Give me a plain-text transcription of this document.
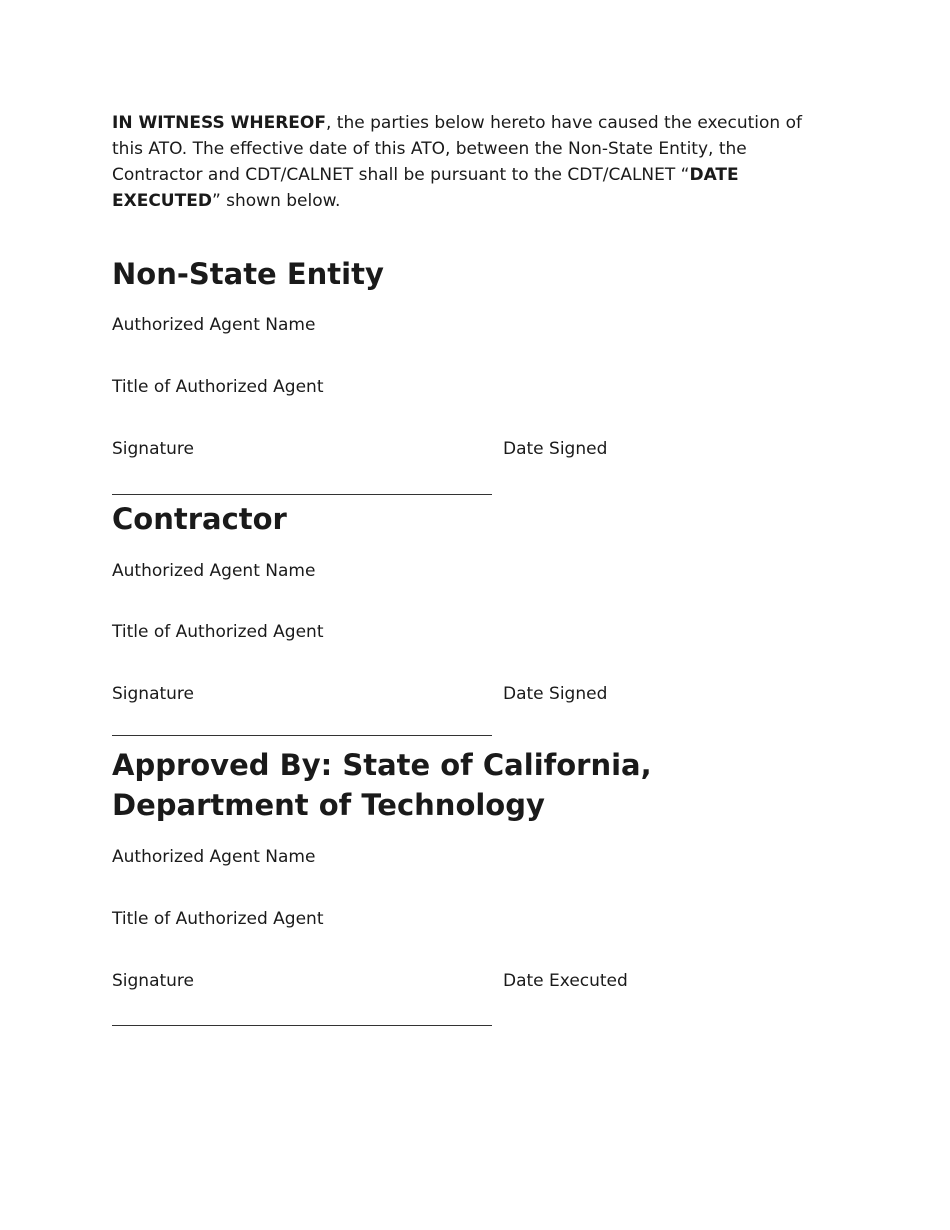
IN WITNESS WHEREOF, the parties below hereto have caused the execution of this ATO. The effective date of this ATO, between the Non-State Entity, the Contractor and CDT/CALNET shall be pursuant to the CDT/CALNET “DATE EXECUTED” shown below.

Non-State Entity

Authorized Agent Name

Title of Authorized Agent

Signature	Date Signed
Contractor

Authorized Agent Name

Title of Authorized Agent

Signature	Date Signed
Approved By: State of California, Department of Technology

Authorized Agent Name

Title of Authorized Agent

Signature	Date Executed
